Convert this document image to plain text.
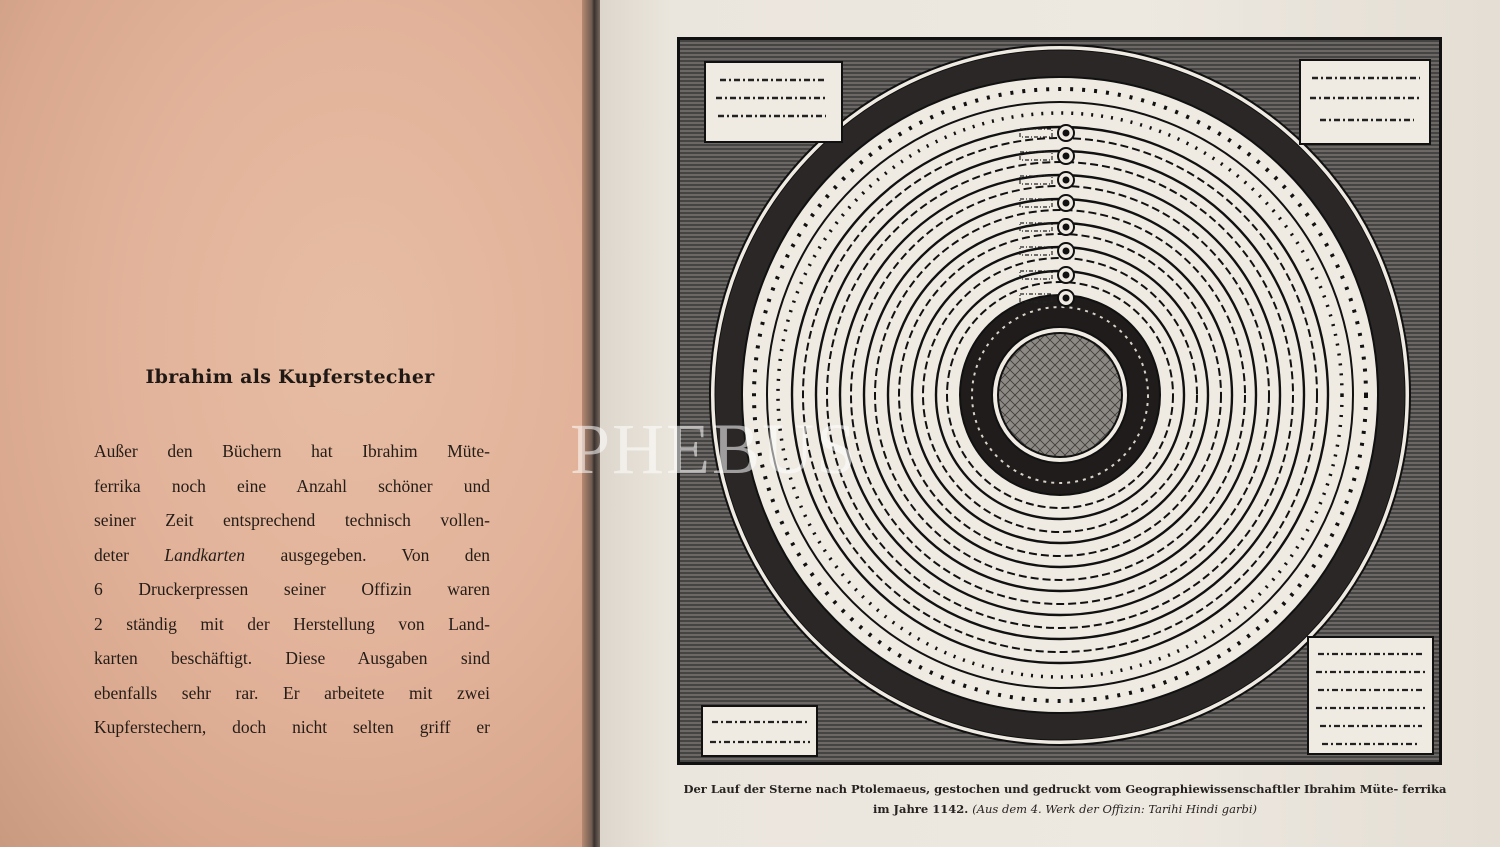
Ibrahim als Kupferstecher
Außer den Büchern hat Ibrahim Müte-
ferrika noch eine Anzahl schöner und
seiner Zeit entsprechend technisch vollen-
deter Landkarten ausgegeben. Von den
6 Druckerpressen seiner Offizin waren
2 ständig mit der Herstellung von Land-
karten beschäftigt. Diese Ausgaben sind
ebenfalls sehr rar. Er arbeitete mit zwei
Kupferstechern, doch nicht selten griff er
PHEBUS
Der Lauf der Sterne nach Ptolemaeus, gestochen und gedruckt vom Geographiewissenschaftler Ibrahim Müte- ferrika im Jahre 1142. (Aus dem 4. Werk der Offizin: Tarihi Hindi garbi)
